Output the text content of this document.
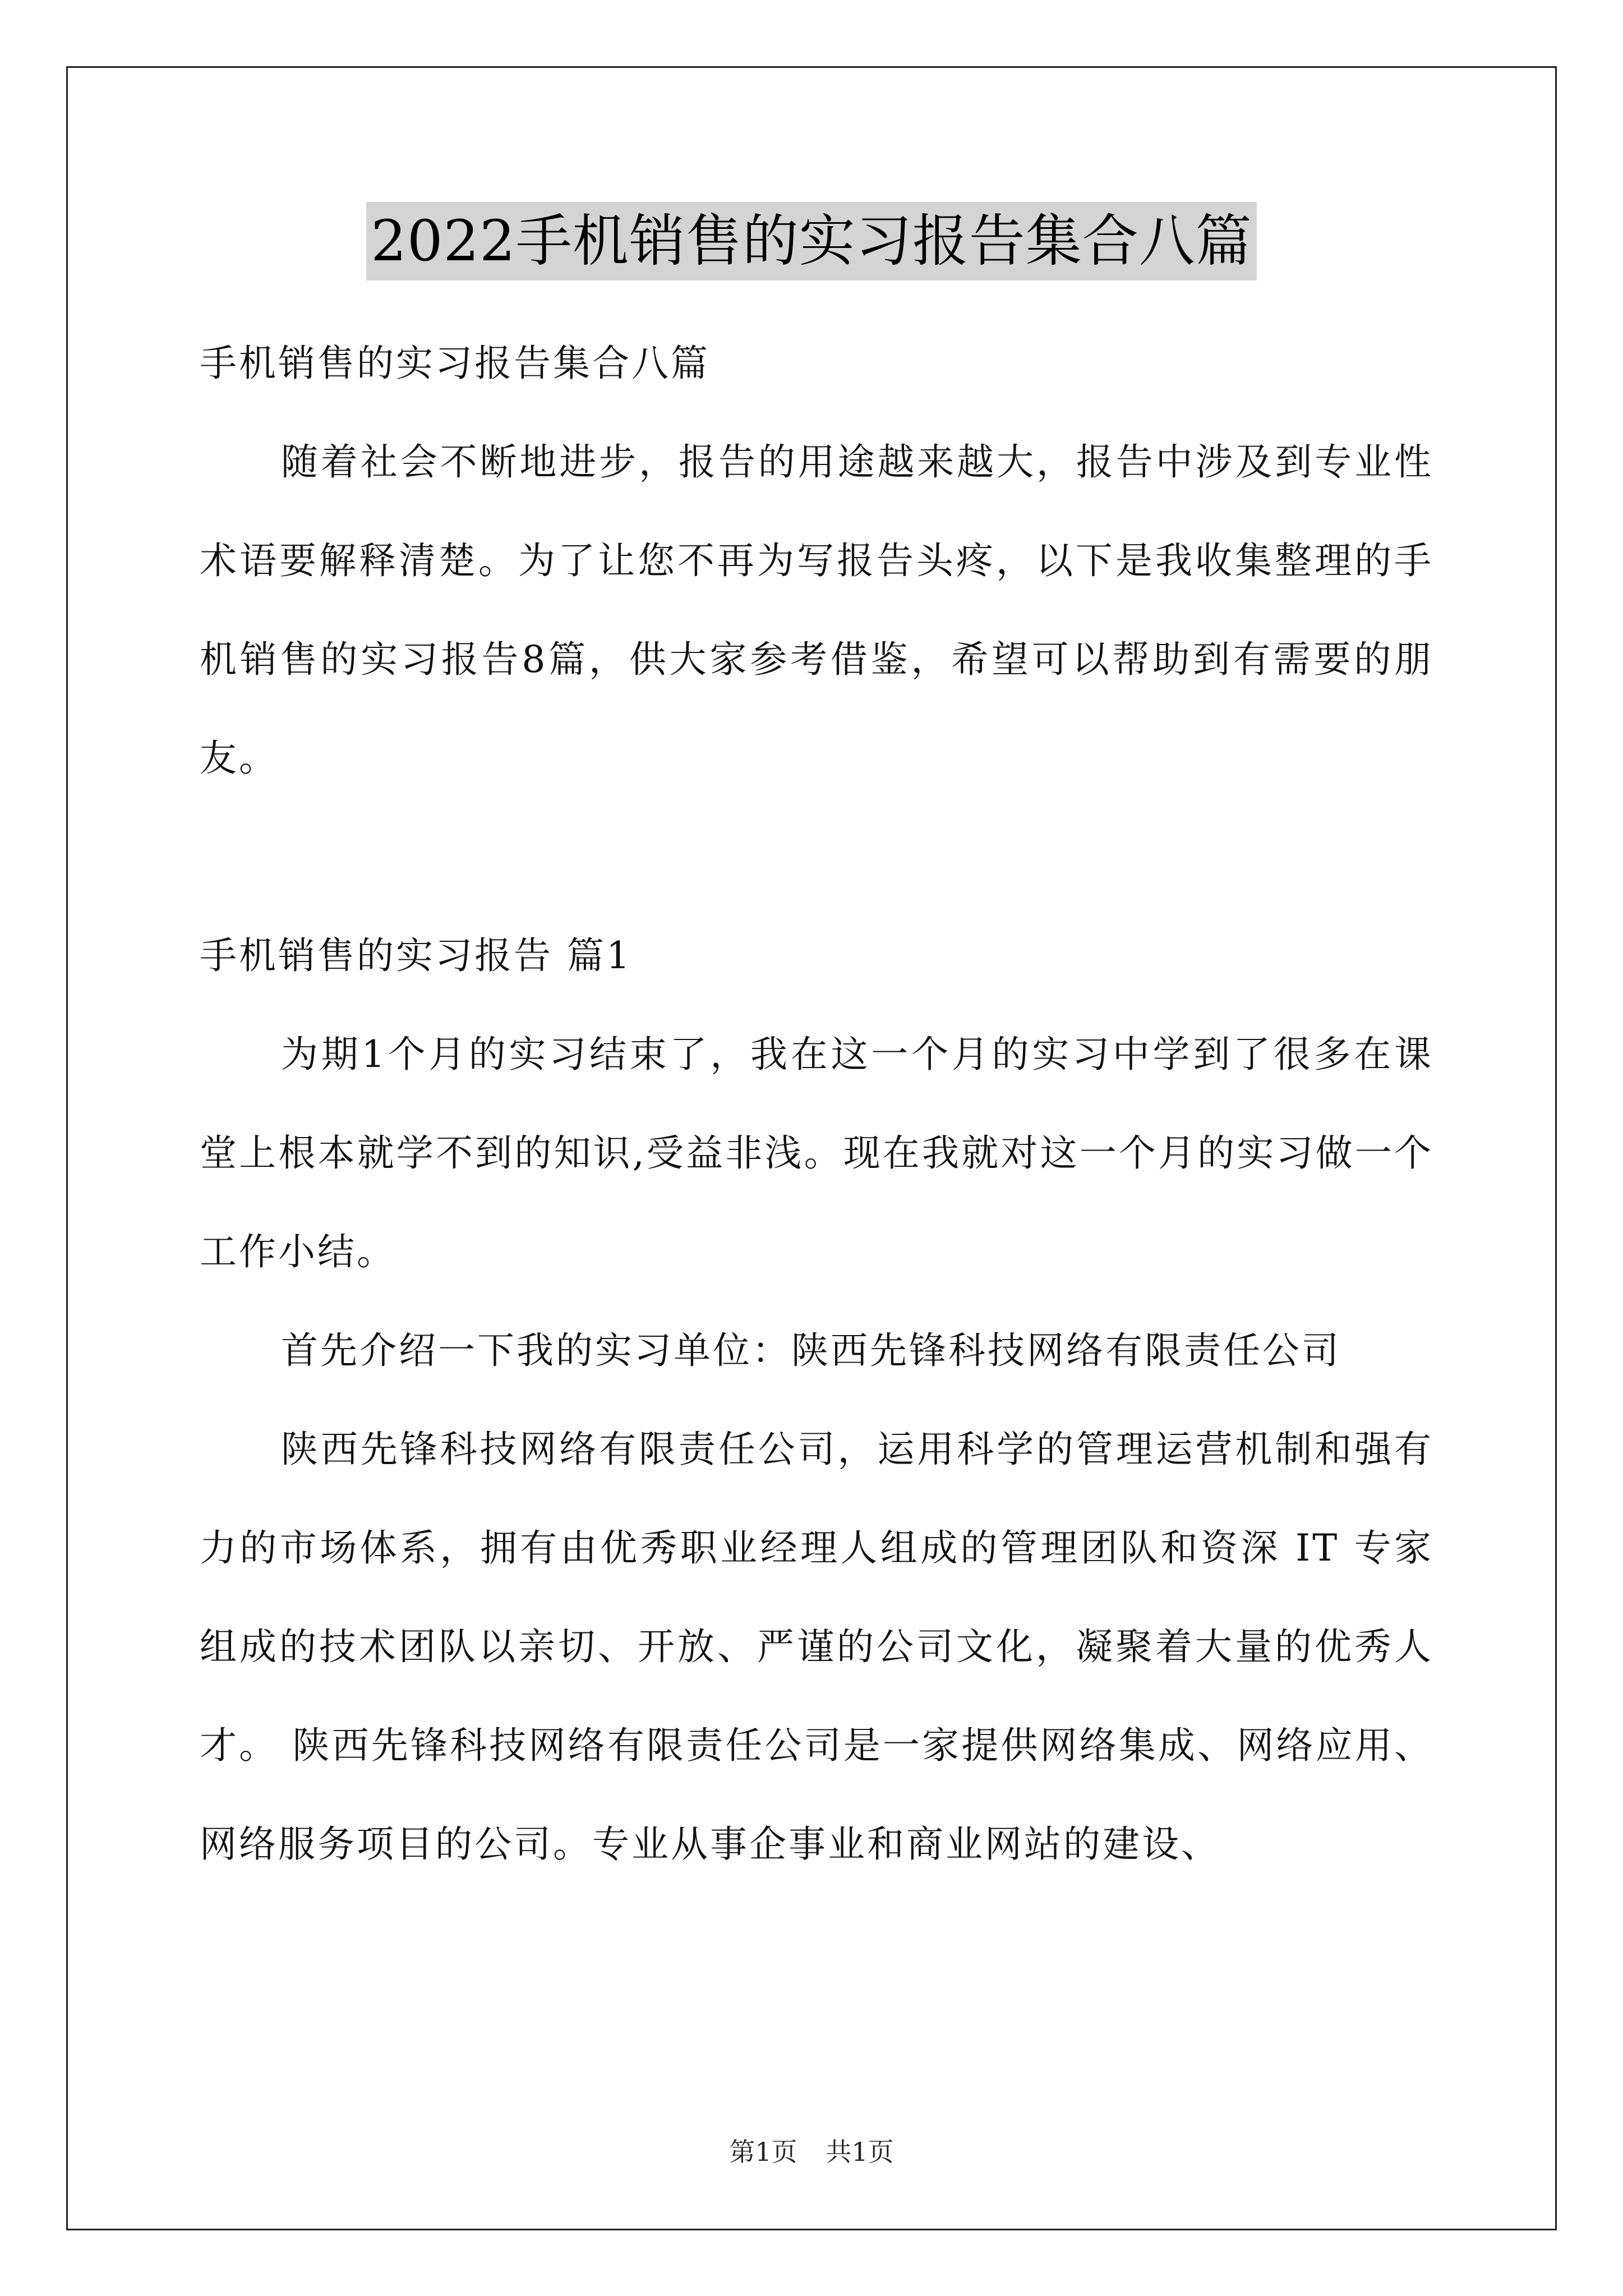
2022手机销售的实习报告集合八篇

手机销售的实习报告集合八篇

随着社会不断地进步，报告的用途越来越大，报告中涉及到专业性术语要解释清楚。为了让您不再为写报告头疼，以下是我收集整理的手机销售的实习报告8篇，供大家参考借鉴，希望可以帮助到有需要的朋友。

手机销售的实习报告 篇1

为期1个月的实习结束了，我在这一个月的实习中学到了很多在课堂上根本就学不到的知识,受益非浅。现在我就对这一个月的实习做一个工作小结。

首先介绍一下我的实习单位：陕西先锋科技网络有限责任公司

陕西先锋科技网络有限责任公司，运用科学的管理运营机制和强有力的市场体系，拥有由优秀职业经理人组成的管理团队和资深 IT 专家组成的技术团队以亲切、开放、严谨的公司文化，凝聚着大量的优秀人才。 陕西先锋科技网络有限责任公司是一家提供网络集成、网络应用、网络服务项目的公司。专业从事企事业和商业网站的建设、

第1页 共1页
